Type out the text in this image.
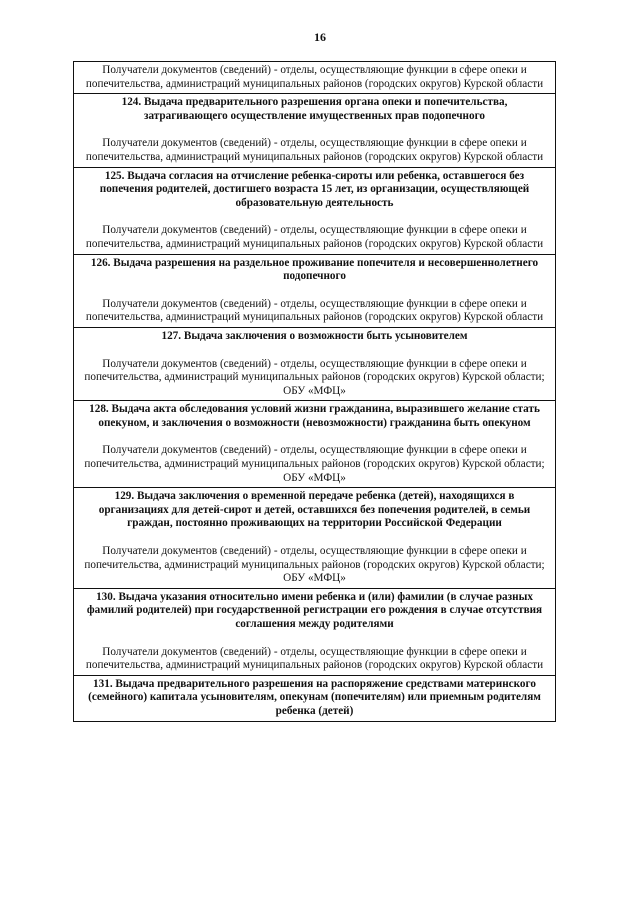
16

Получатели документов (сведений) - отделы, осуществляющие функции в сфере опеки и попечительства, администраций муниципальных районов (городских округов) Курской области

124. Выдача предварительного разрешения органа опеки и попечительства, затрагивающего осуществление имущественных прав подопечного

Получатели документов (сведений) - отделы, осуществляющие функции в сфере опеки и попечительства, администраций муниципальных районов (городских округов) Курской области

125. Выдача согласия на отчисление ребенка-сироты или ребенка, оставшегося без попечения родителей, достигшего возраста 15 лет, из организации, осуществляющей образовательную деятельность

Получатели документов (сведений) - отделы, осуществляющие функции в сфере опеки и попечительства, администраций муниципальных районов (городских округов) Курской области

126. Выдача разрешения на раздельное проживание попечителя и несовершеннолетнего подопечного

Получатели документов (сведений) - отделы, осуществляющие функции в сфере опеки и попечительства, администраций муниципальных районов (городских округов) Курской области

127. Выдача заключения о возможности быть усыновителем

Получатели документов (сведений) - отделы, осуществляющие функции в сфере опеки и попечительства, администраций муниципальных районов (городских округов) Курской области; ОБУ «МФЦ»

128. Выдача акта обследования условий жизни гражданина, выразившего желание стать опекуном, и заключения о возможности (невозможности) гражданина быть опекуном

Получатели документов (сведений) - отделы, осуществляющие функции в сфере опеки и попечительства, администраций муниципальных районов (городских округов) Курской области; ОБУ «МФЦ»

129. Выдача заключения о временной передаче ребенка (детей), находящихся в организациях для детей-сирот и детей, оставшихся без попечения родителей, в семьи граждан, постоянно проживающих на территории Российской Федерации

Получатели документов (сведений) - отделы, осуществляющие функции в сфере опеки и попечительства, администраций муниципальных районов (городских округов) Курской области; ОБУ «МФЦ»

130. Выдача указания относительно имени ребенка и (или) фамилии (в случае разных фамилий родителей) при государственной регистрации его рождения в случае отсутствия соглашения между родителями

Получатели документов (сведений) - отделы, осуществляющие функции в сфере опеки и попечительства, администраций муниципальных районов (городских округов) Курской области

131. Выдача предварительного разрешения на распоряжение средствами материнского (семейного) капитала усыновителям, опекунам (попечителям) или приемным родителям ребенка (детей)
